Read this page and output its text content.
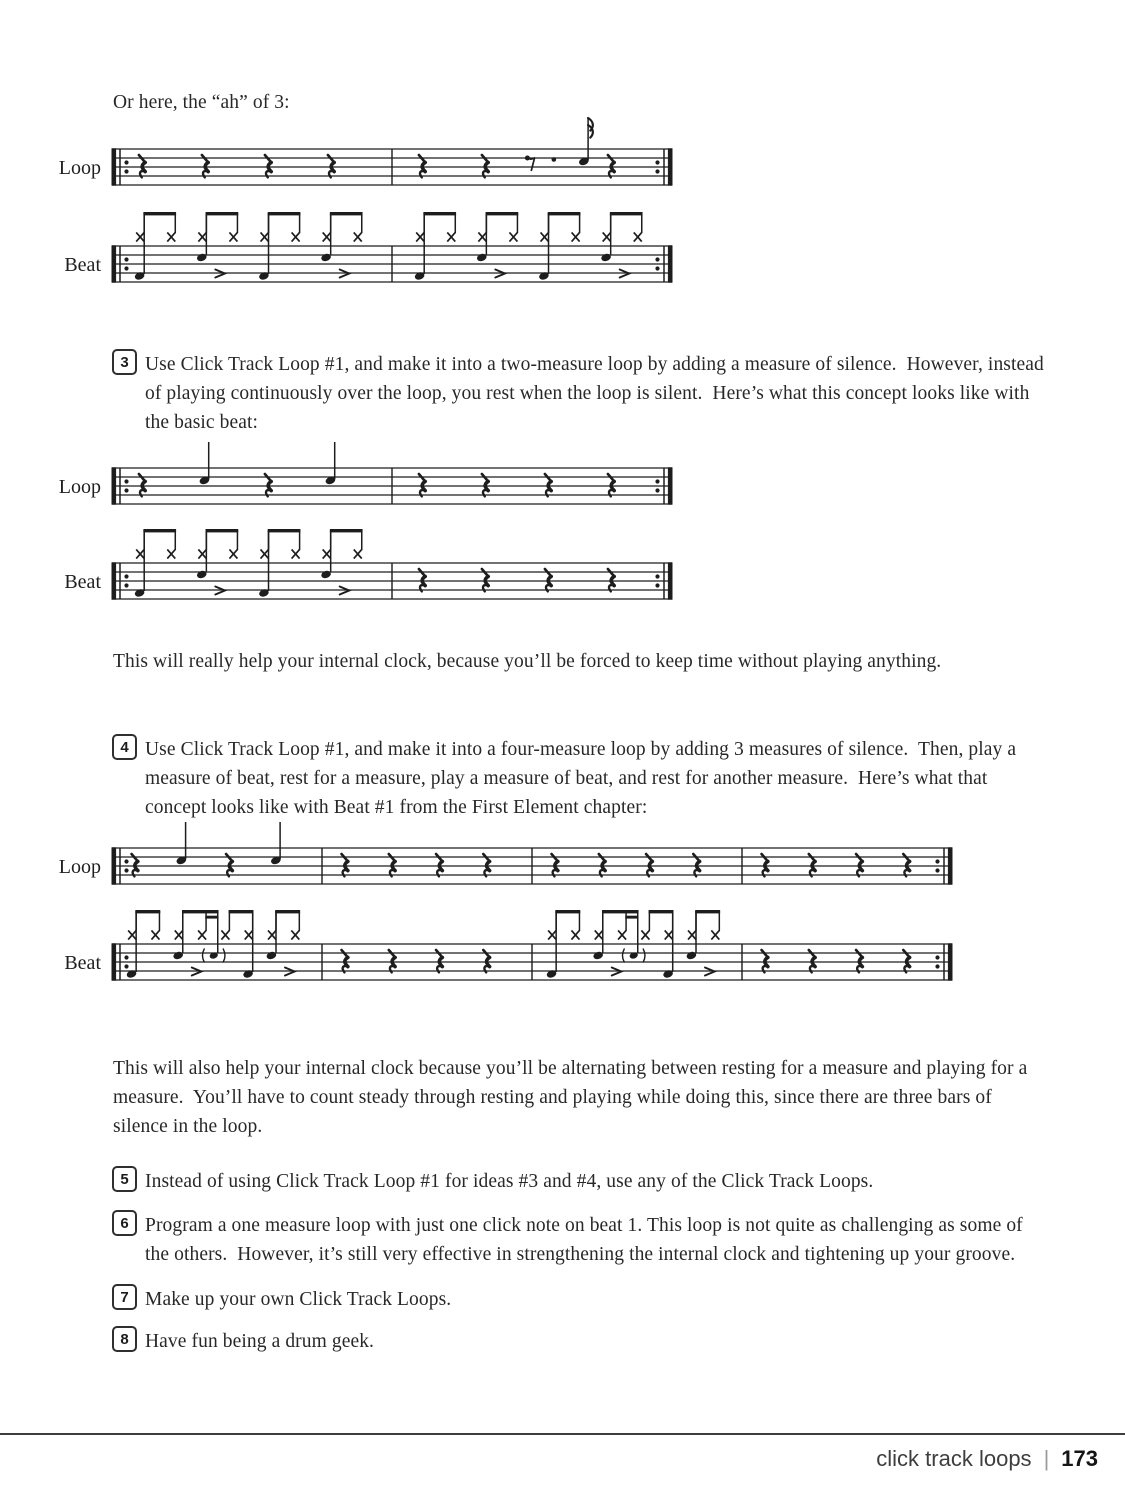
Loop
Beat
Loop
Beat
Loop
Beat
Or here, the “ah” of 3:
3 Use Click Track Loop #1, and make it into a two-measure loop by adding a measure of silence.  However, instead of playing continuously over the loop, you rest when the loop is silent.  Here’s what this concept looks like with the basic beat:
This will really help your internal clock, because you’ll be forced to keep time without playing anything.
4 Use Click Track Loop #1, and make it into a four-measure loop by adding 3 measures of silence.  Then, play a measure of beat, rest for a measure, play a measure of beat, and rest for another measure.  Here’s what that concept looks like with Beat #1 from the First Element chapter:
This will also help your internal clock because you’ll be alternating between resting for a measure and playing for a measure.  You’ll have to count steady through resting and playing while doing this, since there are three bars of silence in the loop.
5 Instead of using Click Track Loop #1 for ideas #3 and #4, use any of the Click Track Loops.
6 Program a one measure loop with just one click note on beat 1. This loop is not quite as challenging as some of the others.  However, it’s still very effective in strengthening the internal clock and tightening up your groove.
7 Make up your own Click Track Loops.
8 Have fun being a drum geek.
click track loops | 173
